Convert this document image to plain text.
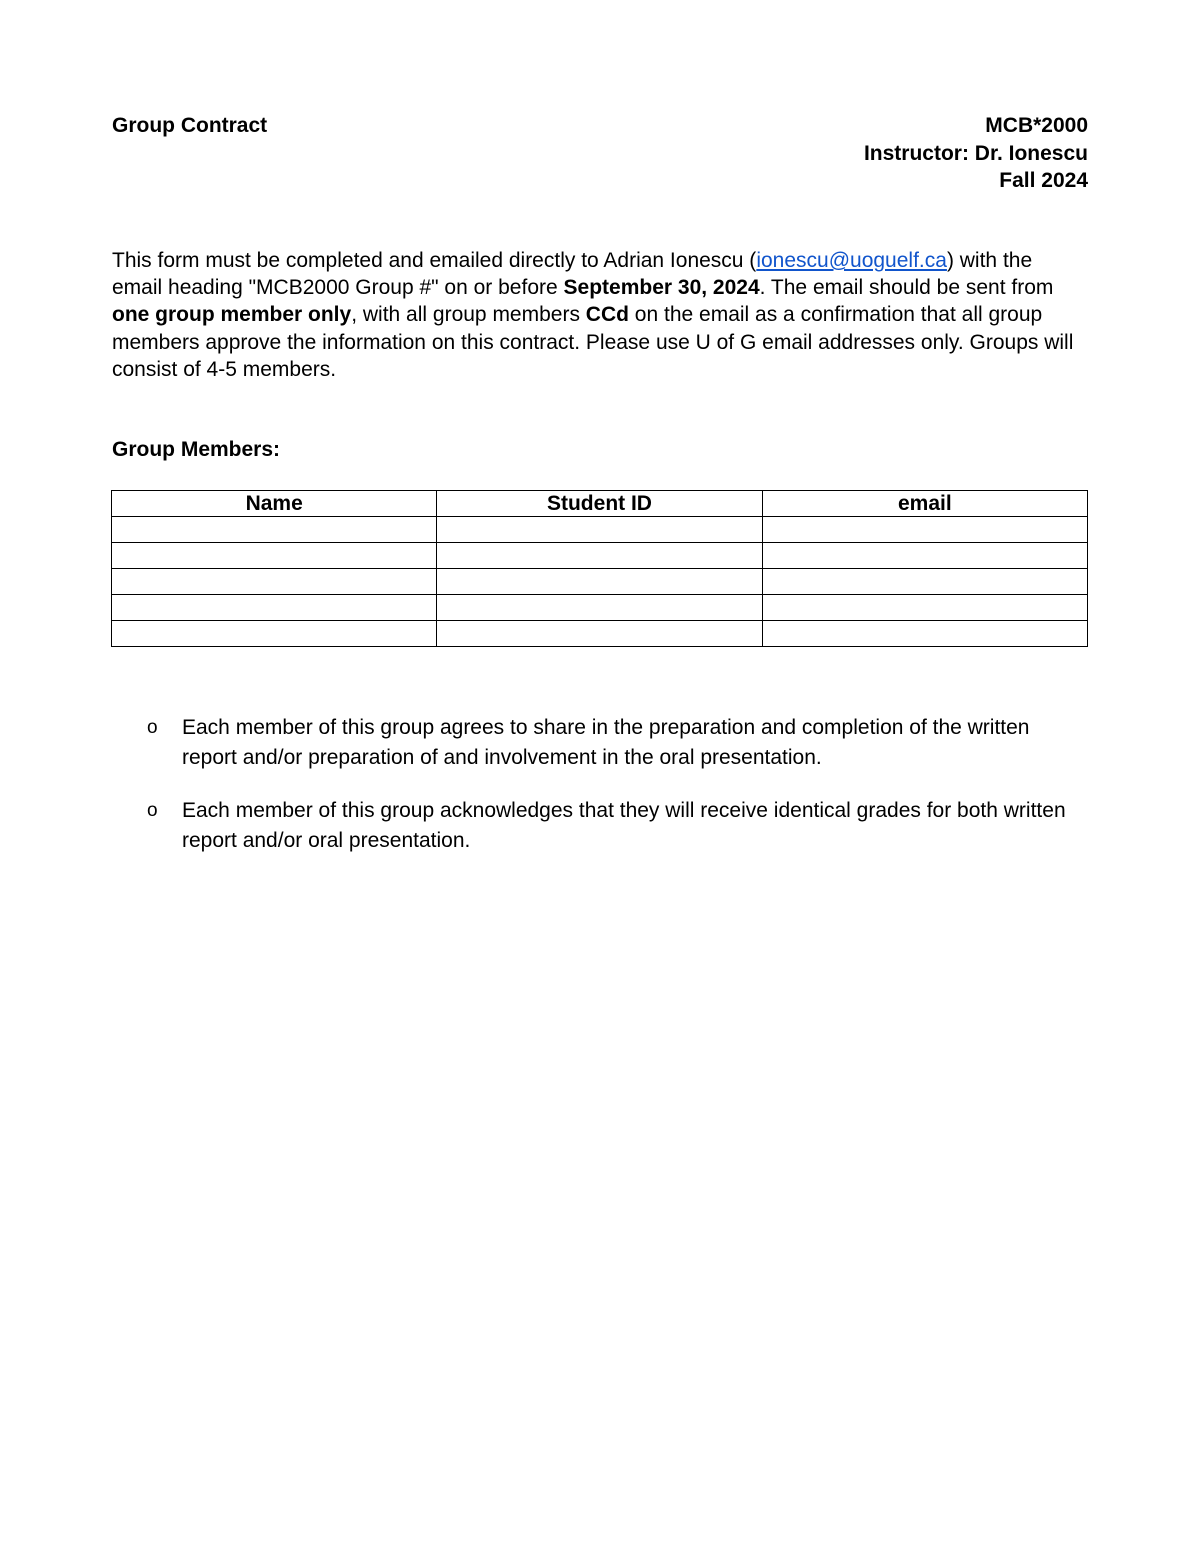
Group Contract	MCB*2000
Instructor: Dr. Ionescu
Fall 2024

This form must be completed and emailed directly to Adrian Ionescu (ionescu@uoguelf.ca) with the email heading "MCB2000 Group #" on or before September 30, 2024. The email should be sent from one group member only, with all group members CCd on the email as a confirmation that all group members approve the information on this contract. Please use U of G email addresses only. Groups will consist of 4-5 members.

Group Members:
Name	Student ID	email

o Each member of this group agrees to share in the preparation and completion of the written report and/or preparation of and involvement in the oral presentation.
o Each member of this group acknowledges that they will receive identical grades for both written report and/or oral presentation.
